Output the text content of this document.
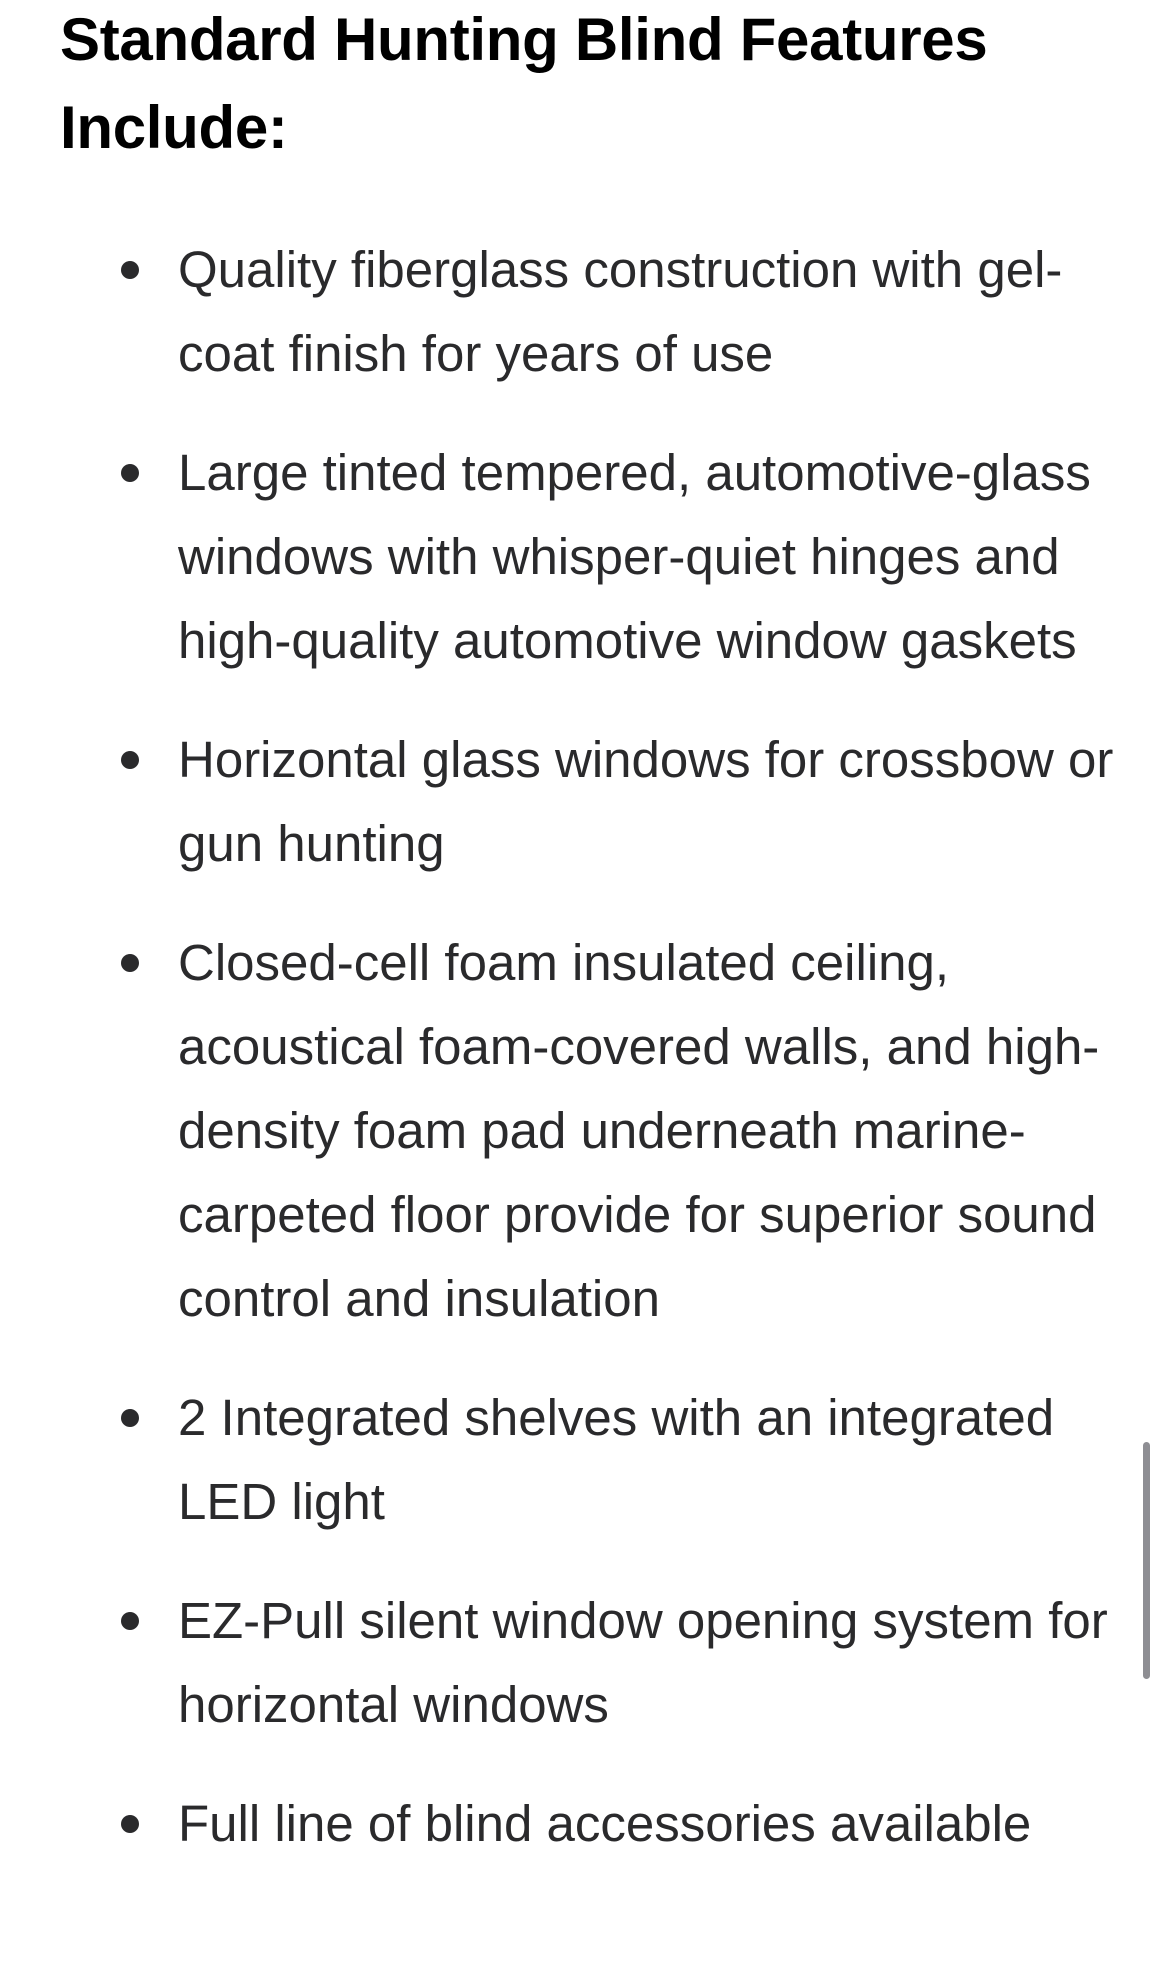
Standard Hunting Blind Features Include:
Quality fiberglass construction with gel-coat finish for years of use
Large tinted tempered, automotive-glass windows with whisper-quiet hinges and high-quality automotive window gaskets
Horizontal glass windows for crossbow or gun hunting
Closed-cell foam insulated ceiling, acoustical foam-covered walls, and high-density foam pad underneath marine-carpeted floor provide for superior sound control and insulation
2 Integrated shelves with an integrated LED light
EZ-Pull silent window opening system for horizontal windows
Full line of blind accessories available
